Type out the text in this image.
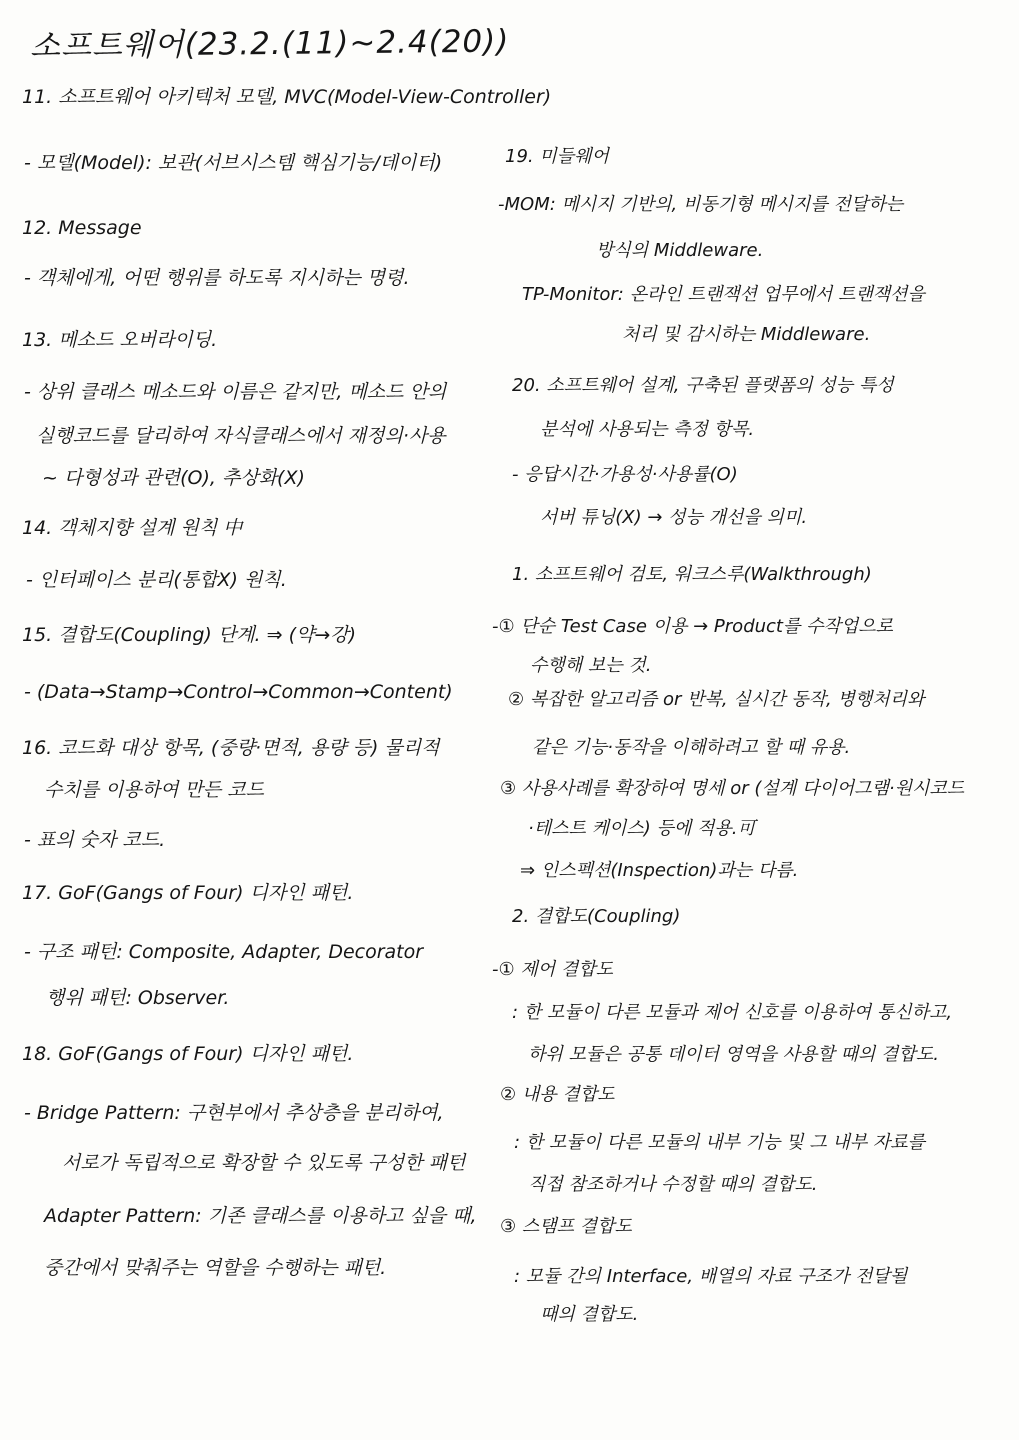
소프트웨어(23.2.(11)~2.4(20))
11. 소프트웨어 아키텍처 모델, MVC(Model-View-Controller)
- 모델(Model): 보관(서브시스템 핵심기능/데이터)
12. Message
- 객체에게, 어떤 행위를 하도록 지시하는 명령.
13. 메소드 오버라이딩.
- 상위 클래스 메소드와 이름은 같지만, 메소드 안의
실행코드를 달리하여 자식클래스에서 재정의·사용
~ 다형성과 관련(O), 추상화(X)
14. 객체지향 설계 원칙 中
- 인터페이스 분리(통합X) 원칙.
15. 결합도(Coupling) 단계. ⇒ (약→강)
- (Data→Stamp→Control→Common→Content)
16. 코드화 대상 항목, (중량·면적, 용량 등) 물리적
수치를 이용하여 만든 코드
- 표의 숫자 코드.
17. GoF(Gangs of Four) 디자인 패턴.
- 구조 패턴: Composite, Adapter, Decorator
행위 패턴: Observer.
18. GoF(Gangs of Four) 디자인 패턴.
- Bridge Pattern: 구현부에서 추상층을 분리하여,
서로가 독립적으로 확장할 수 있도록 구성한 패턴
Adapter Pattern: 기존 클래스를 이용하고 싶을 때,
중간에서 맞춰주는 역할을 수행하는 패턴.
19. 미들웨어
-MOM: 메시지 기반의, 비동기형 메시지를 전달하는
방식의 Middleware.
TP-Monitor: 온라인 트랜잭션 업무에서 트랜잭션을
처리 및 감시하는 Middleware.
20. 소프트웨어 설계, 구축된 플랫폼의 성능 특성
분석에 사용되는 측정 항목.
- 응답시간·가용성·사용률(O)
서버 튜닝(X) → 성능 개선을 의미.
1. 소프트웨어 검토, 워크스루(Walkthrough)
-① 단순 Test Case 이용 → Product를 수작업으로
수행해 보는 것.
② 복잡한 알고리즘 or 반복, 실시간 동작, 병행처리와
같은 기능·동작을 이해하려고 할 때 유용.
③ 사용사례를 확장하여 명세 or (설계 다이어그램·원시코드
·테스트 케이스) 등에 적용.可
⇒ 인스펙션(Inspection)과는 다름.
2. 결합도(Coupling)
-① 제어 결합도
: 한 모듈이 다른 모듈과 제어 신호를 이용하여 통신하고,
하위 모듈은 공통 데이터 영역을 사용할 때의 결합도.
② 내용 결합도
: 한 모듈이 다른 모듈의 내부 기능 및 그 내부 자료를
직접 참조하거나 수정할 때의 결합도.
③ 스탬프 결합도
: 모듈 간의 Interface, 배열의 자료 구조가 전달될
때의 결합도.
